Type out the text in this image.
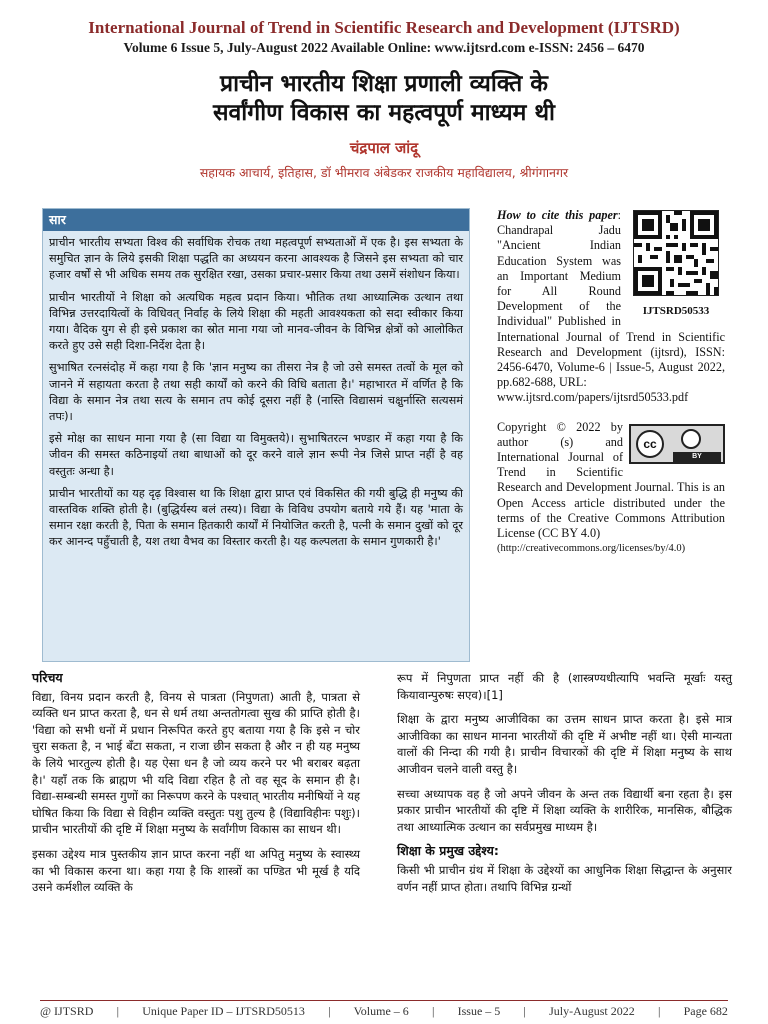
International Journal of Trend in Scientific Research and Development (IJTSRD)
Volume 6 Issue 5, July-August 2022 Available Online: www.ijtsrd.com e-ISSN: 2456 – 6470
प्राचीन भारतीय शिक्षा प्रणाली व्यक्ति के
सर्वांगीण विकास का महत्वपूर्ण माध्यम थी
चंद्रपाल जांदू
सहायक आचार्य, इतिहास, डॉ भीमराव अंबेडकर राजकीय महाविद्यालय, श्रीगंगानगर
सार

प्राचीन भारतीय सभ्यता विश्व की सर्वाधिक रोचक तथा महत्वपूर्ण सभ्यताओं में एक है। इस सभ्यता के समुचित ज्ञान के लिये इसकी शिक्षा पद्धति का अध्ययन करना आवश्यक है जिसने इस सभ्यता को चार हजार वर्षों से भी अधिक समय तक सुरक्षित रखा, उसका प्रचार-प्रसार किया तथा उसमें संशोधन किया।

प्राचीन भारतीयों ने शिक्षा को अत्यधिक महत्व प्रदान किया। भौतिक तथा आध्यात्मिक उत्थान तथा विभिन्न उत्तरदायित्वों के विधिवत् निर्वाह के लिये शिक्षा की महती आवश्यकता को सदा स्वीकार किया गया। वैदिक युग से ही इसे प्रकाश का स्रोत माना गया जो मानव-जीवन के विभिन्न क्षेत्रों को आलोकित करते हुए उसे सही दिशा-निर्देश देता है।

सुभाषित रत्नसंदोह में कहा गया है कि 'ज्ञान मनुष्य का तीसरा नेत्र है जो उसे समस्त तत्वों के मूल को जानने में सहायता करता है तथा सही कार्यों को करने की विधि बताता है।' महाभारत में वर्णित है कि विद्या के समान नेत्र तथा सत्य के समान तप कोई दूसरा नहीं है (नास्ति विद्यासमं चक्षुर्नास्ति सत्यसमं तपः)।

इसे मोक्ष का साधन माना गया है (सा विद्या या विमुक्तये)। सुभाषितरत्न भण्डार में कहा गया है कि जीवन की समस्त कठिनाइयों तथा बाधाओं को दूर करने वाले ज्ञान रूपी नेत्र जिसे प्राप्त नहीं है वह वस्तुतः अन्धा है।

प्राचीन भारतीयों का यह दृढ़ विश्वास था कि शिक्षा द्वारा प्राप्त एवं विकसित की गयी बुद्धि ही मनुष्य की वास्तविक शक्ति होती है। (बुद्धिर्यस्य बलं तस्य)। विद्या के विविध उपयोग बताये गये हैं। यह 'माता के समान रक्षा करती है, पिता के समान हितकारी कार्यों में नियोजित करती है, पत्नी के समान दुखों को दूर कर आनन्द पहुँचाती है, यश तथा वैभव का विस्तार करती है। यह कल्पलता के समान गुणकारी है।'

IJTSRD50533
How to cite this paper: Chandrapal Jadu "Ancient Indian Education System was an Important Medium for All Round Development of the Individual" Published in International Journal of Trend in Scientific Research and Development (ijtsrd), ISSN: 2456-6470, Volume-6 | Issue-5, August 2022, pp.682-688, URL:
www.ijtsrd.com/papers/ijtsrd50533.pdf
cc
BY
Copyright © 2022 by author (s) and International Journal of Trend in Scientific Research and Development Journal. This is an Open Access article distributed under the terms of the Creative Commons Attribution License (CC BY 4.0)
(http://creativecommons.org/licenses/by/4.0)
परिचय

विद्या, विनय प्रदान करती है, विनय से पात्रता (निपुणता) आती है, पात्रता से व्यक्ति धन प्राप्त करता है, धन से धर्म तथा अन्ततोगत्वा सुख की प्राप्ति होती है। 'विद्या को सभी धनों में प्रधान निरूपित करते हुए बताया गया है कि इसे न चोर चुरा सकता है, न भाई बँटा सकता, न राजा छीन सकता है और न ही यह मनुष्य के लिये भारतुल्य होती है। यह ऐसा धन है जो व्यय करने पर भी बराबर बढ़ता है।' यहाँ तक कि ब्राह्मण भी यदि विद्या रहित है तो वह सूद के समान ही है। विद्या-सम्बन्धी समस्त गुणों का निरूपण करने के पश्चात् भारतीय मनीषियों ने यह घोषित किया कि विद्या से विहीन व्यक्ति वस्तुतः पशु तुल्य है (विद्याविहीनः पशुः)। प्राचीन भारतीयों की दृष्टि में शिक्षा मनुष्य के सर्वांगीण विकास का साधन थी।

इसका उद्देश्य मात्र पुस्तकीय ज्ञान प्राप्त करना नहीं था अपितु मनुष्य के स्वास्थ्य का भी विकास करना था। कहा गया है कि शास्त्रों का पण्डित भी मूर्ख है यदि उसने कर्मशील व्यक्ति के

रूप में निपुणता प्राप्त नहीं की है (शास्त्रण्यधीत्यापि भवन्ति मूर्खाः यस्तु कियावान्पुरुषः सएव)।[1]

शिक्षा के द्वारा मनुष्य आजीविका का उत्तम साधन प्राप्त करता है। इसे मात्र आजीविका का साधन मानना भारतीयों की दृष्टि में अभीष्ट नहीं था। ऐसी मान्यता वालों की निन्दा की गयी है। प्राचीन विचारकों की दृष्टि में शिक्षा मनुष्य के साथ आजीवन चलने वाली वस्तु है।

सच्चा अध्यापक वह है जो अपने जीवन के अन्त तक विद्यार्थी बना रहता है। इस प्रकार प्राचीन भारतीयों की दृष्टि में शिक्षा व्यक्ति के शारीरिक, मानसिक, बौद्धिक तथा आध्यात्मिक उत्थान का सर्वप्रमुख माध्यम है।

शिक्षा के प्रमुख उद्देश्य:

किसी भी प्राचीन ग्रंथ में शिक्षा के उद्देश्यों का आधुनिक शिक्षा सिद्धान्त के अनुसार वर्णन नहीं प्राप्त होता। तथापि विभिन्न ग्रन्थों

@ IJTSRD | Unique Paper ID – IJTSRD50513 | Volume – 6 | Issue – 5 | July-August 2022 | Page 682
